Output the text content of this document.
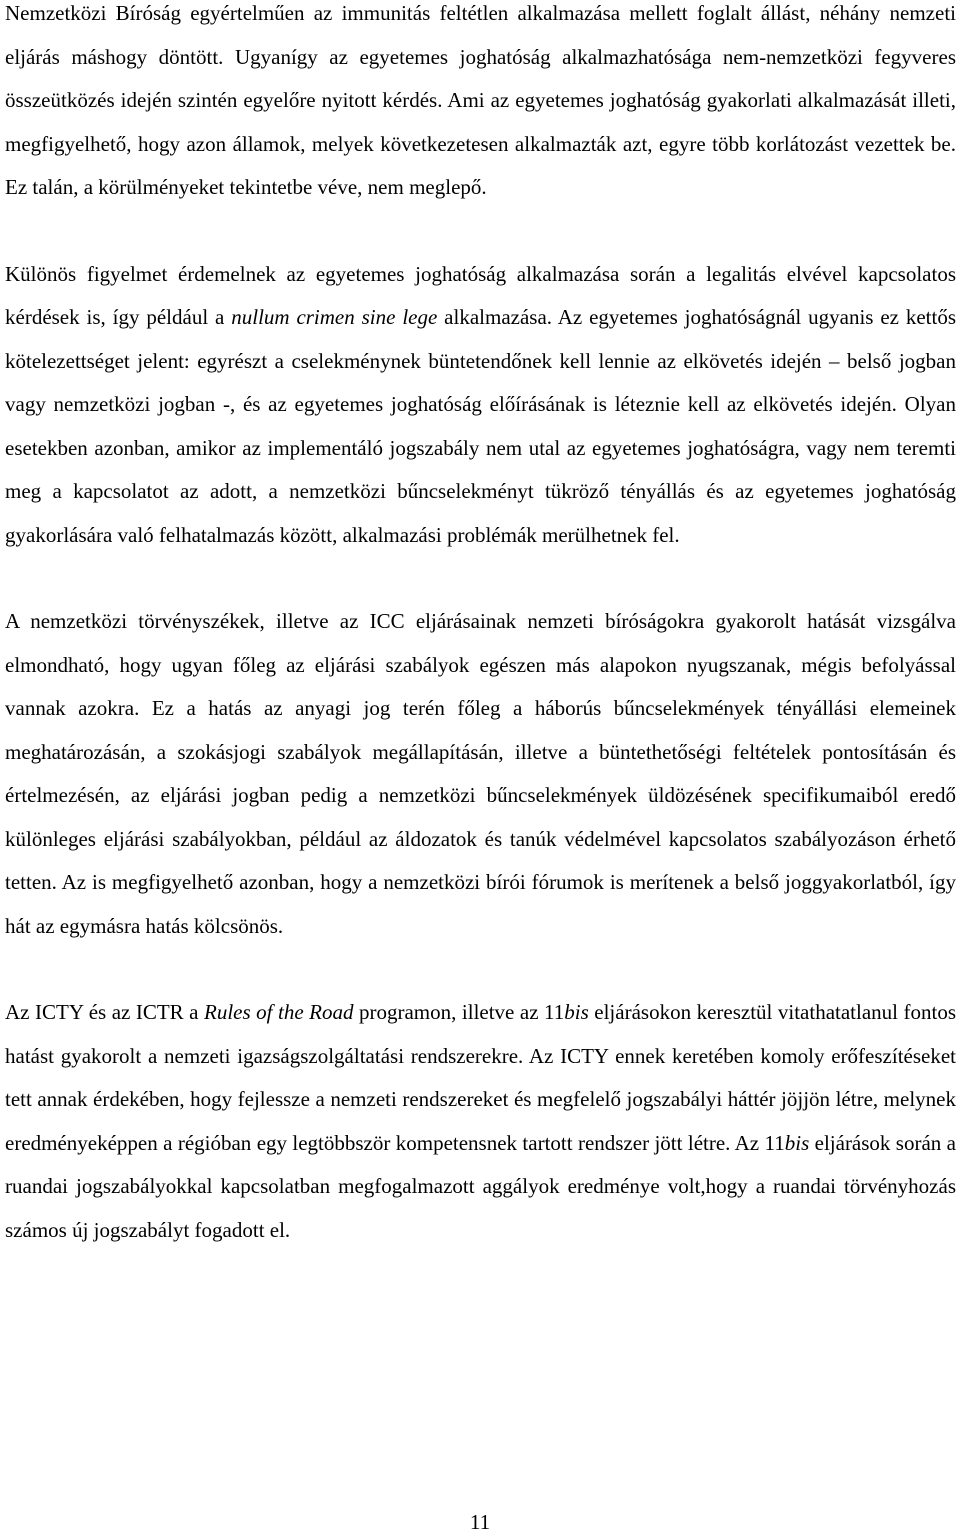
Nemzetközi Bíróság egyértelműen az immunitás feltétlen alkalmazása mellett foglalt állást, néhány nemzeti eljárás máshogy döntött. Ugyanígy az egyetemes joghatóság alkalmazhatósága nem-nemzetközi fegyveres összeütközés idején szintén egyelőre nyitott kérdés. Ami az egyetemes joghatóság gyakorlati alkalmazását illeti, megfigyelhető, hogy azon államok, melyek következetesen alkalmazták azt, egyre több korlátozást vezettek be. Ez talán, a körülményeket tekintetbe véve, nem meglepő.

Különös figyelmet érdemelnek az egyetemes joghatóság alkalmazása során a legalitás elvével kapcsolatos kérdések is, így például a nullum crimen sine lege alkalmazása. Az egyetemes joghatóságnál ugyanis ez kettős kötelezettséget jelent: egyrészt a cselekménynek büntetendőnek kell lennie az elkövetés idején – belső jogban vagy nemzetközi jogban -, és az egyetemes joghatóság előírásának is léteznie kell az elkövetés idején. Olyan esetekben azonban, amikor az implementáló jogszabály nem utal az egyetemes joghatóságra, vagy nem teremti meg a kapcsolatot az adott, a nemzetközi bűncselekményt tükröző tényállás és az egyetemes joghatóság gyakorlására való felhatalmazás között, alkalmazási problémák merülhetnek fel.

A nemzetközi törvényszékek, illetve az ICC eljárásainak nemzeti bíróságokra gyakorolt hatását vizsgálva elmondható, hogy ugyan főleg az eljárási szabályok egészen más alapokon nyugszanak, mégis befolyással vannak azokra. Ez a hatás az anyagi jog terén főleg a háborús bűncselekmények tényállási elemeinek meghatározásán, a szokásjogi szabályok megállapításán, illetve a büntethetőségi feltételek pontosításán és értelmezésén, az eljárási jogban pedig a nemzetközi bűncselekmények üldözésének specifikumaiból eredő különleges eljárási szabályokban, például az áldozatok és tanúk védelmével kapcsolatos szabályozáson érhető tetten. Az is megfigyelhető azonban, hogy a nemzetközi bírói fórumok is merítenek a belső joggyakorlatból, így hát az egymásra hatás kölcsönös.

Az ICTY és az ICTR a Rules of the Road programon, illetve az 11bis eljárásokon keresztül vitathatatlanul fontos hatást gyakorolt a nemzeti igazságszolgáltatási rendszerekre. Az ICTY ennek keretében komoly erőfeszítéseket tett annak érdekében, hogy fejlessze a nemzeti rendszereket és megfelelő jogszabályi háttér jöjjön létre, melynek eredményeképpen a régióban egy legtöbbször kompetensnek tartott rendszer jött létre. Az 11bis eljárások során a ruandai jogszabályokkal kapcsolatban megfogalmazott aggályok eredménye volt,hogy a ruandai törvényhozás számos új jogszabályt fogadott el.

11
